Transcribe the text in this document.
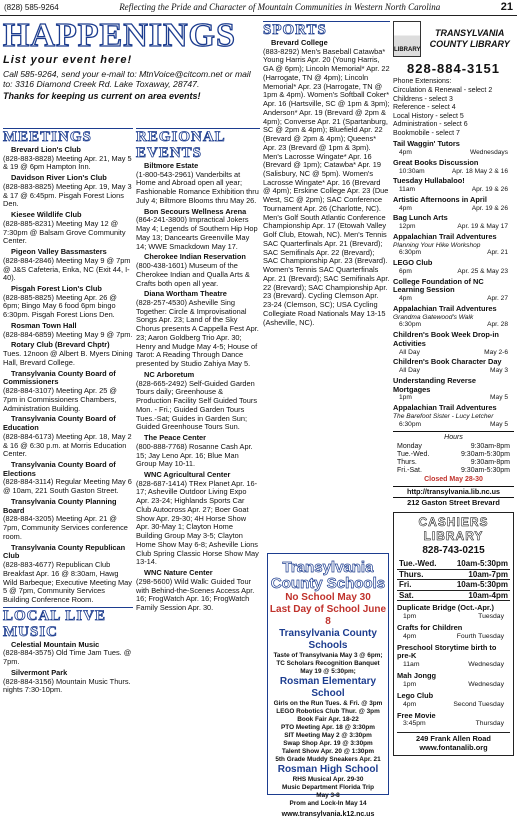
(828) 585-9264	Reflecting the Pride and Character of Mountain Communities in Western North Carolina	21
HAPPENINGS
List your event here!
Call 585-9264, send your e-mail to: MtnVoice@citcom.net or mail to: 3316 Diamond Creek Rd. Lake Toxaway, 28747.
Thanks for keeping us current on area events!
MEETINGS
Brevard Lion's Club
(828-883-8828) Meeting Apr. 21, May 5 & 19 @ 6pm Hampton Inn.
Davidson River Lion's Club
(828-883-8825) Meeting Apr. 19, May 3 & 17 @ 6:45pm. Pisgah Forest Lions Den.
Kiesee Wildlife Club
(828-885-8231) Meeting May 12 @ 7:30pm @ Balsam Grove Community Center.
Pigeon Valley Bassmasters
(828-884-2846) Meeting May 9 @ 7pm @ J&S Cafeteria, Enka, NC (Exit 44, I-40).
Pisgah Forest Lion's Club
(828-885-8825) Meeting Apr. 26 @ 6pm; Bingo May 6 food 6pm bingo 6:30pm. Pisgah Forest Lions Den.
Rosman Town Hall
(828-884-6859) Meeting May 9 @ 7pm.
Rotary Club (Brevard Chptr)
Tues. 12noon @ Albert B. Myers Dining Hall, Brevard College.
Transylvania County Board of Commissioners
(828-884-3107) Meeting Apr. 25 @ 7pm in Commissioners Chambers, Administration Building.
Transylvania County Board of Education
(828-884-6173) Meeting Apr. 18, May 2 & 16 @ 6:30 p.m. at Morris Education Center.
Transylvania County Board of Elections
(828-884-3114) Regular Meeting May 6 @ 10am, 221 South Gaston Street.
Transylvania County Planning Board
(828-884-3205) Meeting Apr. 21 @ 7pm, Community Services conference room.
Transylvania County Republican Club
(828-883-4677) Republican Club Breakfast Apr. 16 @ 8:30am, Hawg Wild Barbeque; Executive Meeting May 5 @ 7pm, Community Services Building Conference Room.
LOCAL LIVE MUSIC
Celestial Mountain Music
(828-884-3575) Old Time Jam Tues. @ 7pm.
Silvermont Park
(828-884-3156) Mountain Music Thurs. nights 7:30-10pm.
REGIONAL EVENTS
Biltmore Estate
(1-800-543-2961) Vanderbilts at Home and Abroad open all year; Fashionable Romance Exhibition thru July 4; Biltmore Blooms thru May 26.
Bon Secours Wellness Arena
(864-241-3800) Impractical Jokers May 4; Legends of Southern Hip Hop May 13; Dancearts Greenville May 14; WWE Smackdown May 17.
Cherokee Indian Reservation
(800-438-1601) Museum of the Cherokee Indian and Qualla Arts & Crafts both open all year.
Diana Wortham Theatre
(828-257-4530) Asheville Sing Together: Circle & Improvisational Songs Apr. 23; Land of the Sky Chorus presents A Cappella Fest Apr. 23; Aaron Goldberg Trio Apr. 30; Henry and Mudge May 4-5; House of Tarot: A Reading Through Dance presented by Studio Zahiya May 5.
NC Arboretum
(828-665-2492) Self-Guided Garden Tours daily; Greenhouse & Production Facility Self Guided Tours Mon. - Fri.; Guided Garden Tours Tues.-Sat; Guides in Garden Sun; Guided Greenhouse Tours Sun.
The Peace Center
(800-888-7768) Rosanne Cash Apr. 15; Jay Leno Apr. 16; Blue Man Group May 10-11.
WNC Agricultural Center
(828-687-1414) TRex Planet Apr. 16-17; Asheville Outdoor Living Expo Apr. 23-24; Highlands Sports Car Club Autocross Apr. 27; Boer Goat Show Apr. 29-30; 4H Horse Show Apr. 30-May 1; Clayton Home Building Group May 3-5; Clayton Home Show May 6-8; Asheville Lions Club Spring Classic Horse Show May 13-14.
WNC Nature Center
(298-5600) Wild Walk: Guided Tour with Behind-the-Scenes Access Apr. 16; FrogWatch Apr. 16; FrogWatch Family Session Apr. 30.
SPORTS
Brevard College
(883-8292) Men's Baseball Catawba* Young Harris Apr. 20 (Young Harris, GA @ 6pm); Lincoln Memorial* Apr. 22 (Harrogate, TN @ 4pm); Lincoln Memorial* Apr. 23 (Harrogate, TN @ 1pm & 4pm). Women's Softball Coker* Apr. 16 (Hartsville, SC @ 1pm & 3pm); Anderson* Apr. 19 (Brevard @ 2pm & 4pm); Converse Apr. 21 (Spartanburg, SC @ 2pm & 4pm); Bluefield Apr. 22 (Brevard @ 2pm & 4pm); Queens* Apr. 23 (Brevard @ 1pm & 3pm). Men's Lacrosse Wingate* Apr. 16 (Brevard @ 1pm); Catawba* Apr. 19 (Salisbury, NC @ 5pm). Women's Lacrosse Wingate* Apr. 16 (Brevard @ 4pm); Erskine College Apr. 23 (Due West, SC @ 2pm); SAC Conference Tournament Apr. 26 (Charlotte, NC). Men's Golf South Atlantic Conference Championship Apr. 17 (Etowah Valley Golf Club, Etowah, NC). Men's Tennis SAC Quarterfinals Apr. 21 (Brevard); SAC Semifinals Apr. 22 (Brevard); SAC Championship Apr. 23 (Brevard). Women's Tennis SAC Quarterfinals Apr. 21 (Brevard); SAC Semifinals Apr. 22 (Brevard); SAC Championship Apr. 23 (Brevard). Cycling Clemson Apr. 23-24 (Clemson, SC); USA Cycling Collegiate Road Nationals May 13-15 (Asheville, NC).
Transylvania County Schools
No School May 30
Last Day of School June 8
Transylvania County Schools
Taste of Transylvania May 3 @ 6pm;
TC Scholars Recognition Banquet
May 19 @ 5:30pm;
Rosman Elementary School
Girls on the Run Tues. & Fri. @ 3pm
LEGO Robotics Club Thur. @ 3pm
Book Fair Apr. 18-22
PTO Meeting Apr. 18 @ 3:30pm
SIT Meeting May 2 @ 3:30pm
Swap Shop Apr. 19 @ 3:30pm
Talent Show Apr. 20 @ 1:30pm
5th Grade Muddy Sneakers Apr. 21
Rosman High School
RHS Musical Apr. 29-30
Music Department Florida Trip
May 3-8
Prom and Lock-In May 14
www.transylvania.k12.nc.us
LIBRARY
TRANSYLVANIA COUNTY LIBRARY
828-884-3151
Phone Extensions:
Circulation & Renewal - select 2
Childrens - select 3
Reference - select 4
Local History - select 5
Administration - select 6
Bookmobile - select 7
Tail Waggin' Tutors
4pm	Wednesdays
Great Books Discussion
10:30am	Apr. 18 May 2 & 16
Tuesday Hullabaloo!
11am	Apr. 19 & 26
Artistic Afternoons in April
4pm	Apr. 19 & 26
Bag Lunch Arts
12pm	Apr. 19 & May 17
Appalachian Trail Adventures
Planning Your Hike Workshop
6:30pm	Apr. 21
LEGO Club
6pm	Apr. 25 & May 23
College Foundation of NC Learning Session
4pm	Apr. 27
Appalachian Trail Adventures
Grandma Gatewood's Walk
6:30pm	Apr. 28
Children's Book Week Drop-in Activities
All Day	May 2-6
Children's Book Character Day
All Day	May 3
Understanding Reverse Mortgages
1pm	May 5
Appalachian Trail Adventures
The Barefoot Sister - Lucy Letcher
6:30pm	May 5
Hours
Monday	9:30am-8pm
Tue.-Wed.	9:30am-5:30pm
Thurs.	9:30am-8pm
Fri.-Sat.	9:30am-5:30pm
Closed May 28-30
http://transylvania.lib.nc.us
212 Gaston Street Brevard
CASHIERS LIBRARY
828-743-0215
Tue.-Wed.	10am-5:30pm
Thurs.	10am-7pm
Fri.	10am-5:30pm
Sat.	10am-4pm
Duplicate Bridge (Oct.-Apr.)
1pm	Tuesday
Crafts for Children
4pm	Fourth Tuesday
Preschool Storytime birth to pre-K
11am	Wednesday
Mah Jongg
1pm	Wednesday
Lego Club
4pm	Second Tuesday
Free Movie
3:45pm	Thursday
249 Frank Allen Road
www.fontanalib.org
